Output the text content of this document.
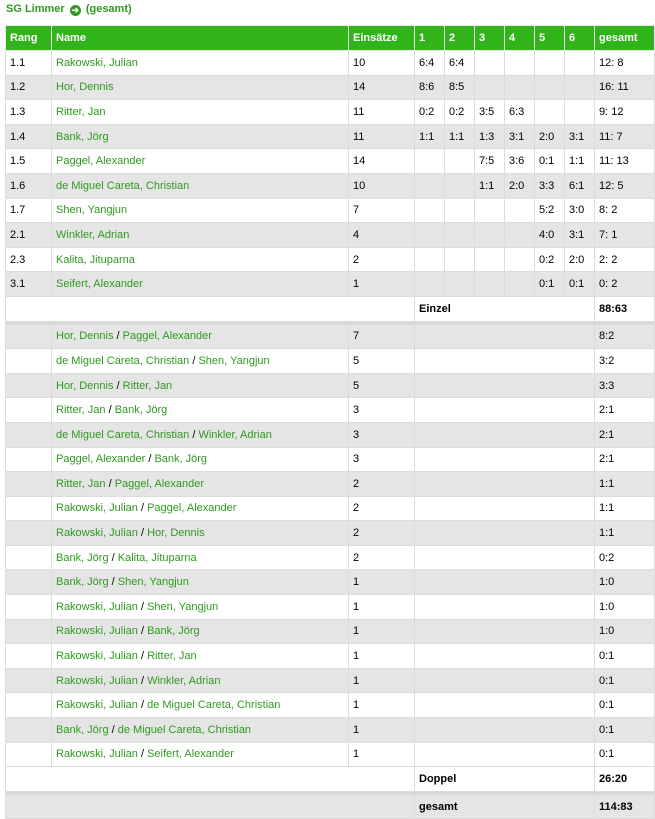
SG Limmer ➜ (gesamt)
Rang	Name	Einsätze	1	2	3	4	5	6	gesamt
1.1	Rakowski, Julian	10	6:4	6:4					12: 8
1.2	Hor, Dennis	14	8:6	8:5					16: 11
1.3	Ritter, Jan	11	0:2	0:2	3:5	6:3			9: 12
1.4	Bank, Jörg	11	1:1	1:1	1:3	3:1	2:0	3:1	11: 7
1.5	Paggel, Alexander	14			7:5	3:6	0:1	1:1	11: 13
1.6	de Miguel Careta, Christian	10			1:1	2:0	3:3	6:1	12: 5
1.7	Shen, Yangjun	7					5:2	3:0	8: 2
2.1	Winkler, Adrian	4					4:0	3:1	7: 1
2.3	Kalita, Jituparna	2					0:2	2:0	2: 2
3.1	Seifert, Alexander	1					0:1	0:1	0: 2
			Einzel						88:63

	Hor, Dennis / Paggel, Alexander	7							8:2
	de Miguel Careta, Christian / Shen, Yangjun	5							3:2
	Hor, Dennis / Ritter, Jan	5							3:3
	Ritter, Jan / Bank, Jörg	3							2:1
	de Miguel Careta, Christian / Winkler, Adrian	3							2:1
	Paggel, Alexander / Bank, Jörg	3							2:1
	Ritter, Jan / Paggel, Alexander	2							1:1
	Rakowski, Julian / Paggel, Alexander	2							1:1
	Rakowski, Julian / Hor, Dennis	2							1:1
	Bank, Jörg / Kalita, Jituparna	2							0:2
	Bank, Jörg / Shen, Yangjun	1							1:0
	Rakowski, Julian / Shen, Yangjun	1							1:0
	Rakowski, Julian / Bank, Jörg	1							1:0
	Rakowski, Julian / Ritter, Jan	1							0:1
	Rakowski, Julian / Winkler, Adrian	1							0:1
	Rakowski, Julian / de Miguel Careta, Christian	1							0:1
	Bank, Jörg / de Miguel Careta, Christian	1							0:1
	Rakowski, Julian / Seifert, Alexander	1							0:1
			Doppel						26:20

			gesamt						114:83
